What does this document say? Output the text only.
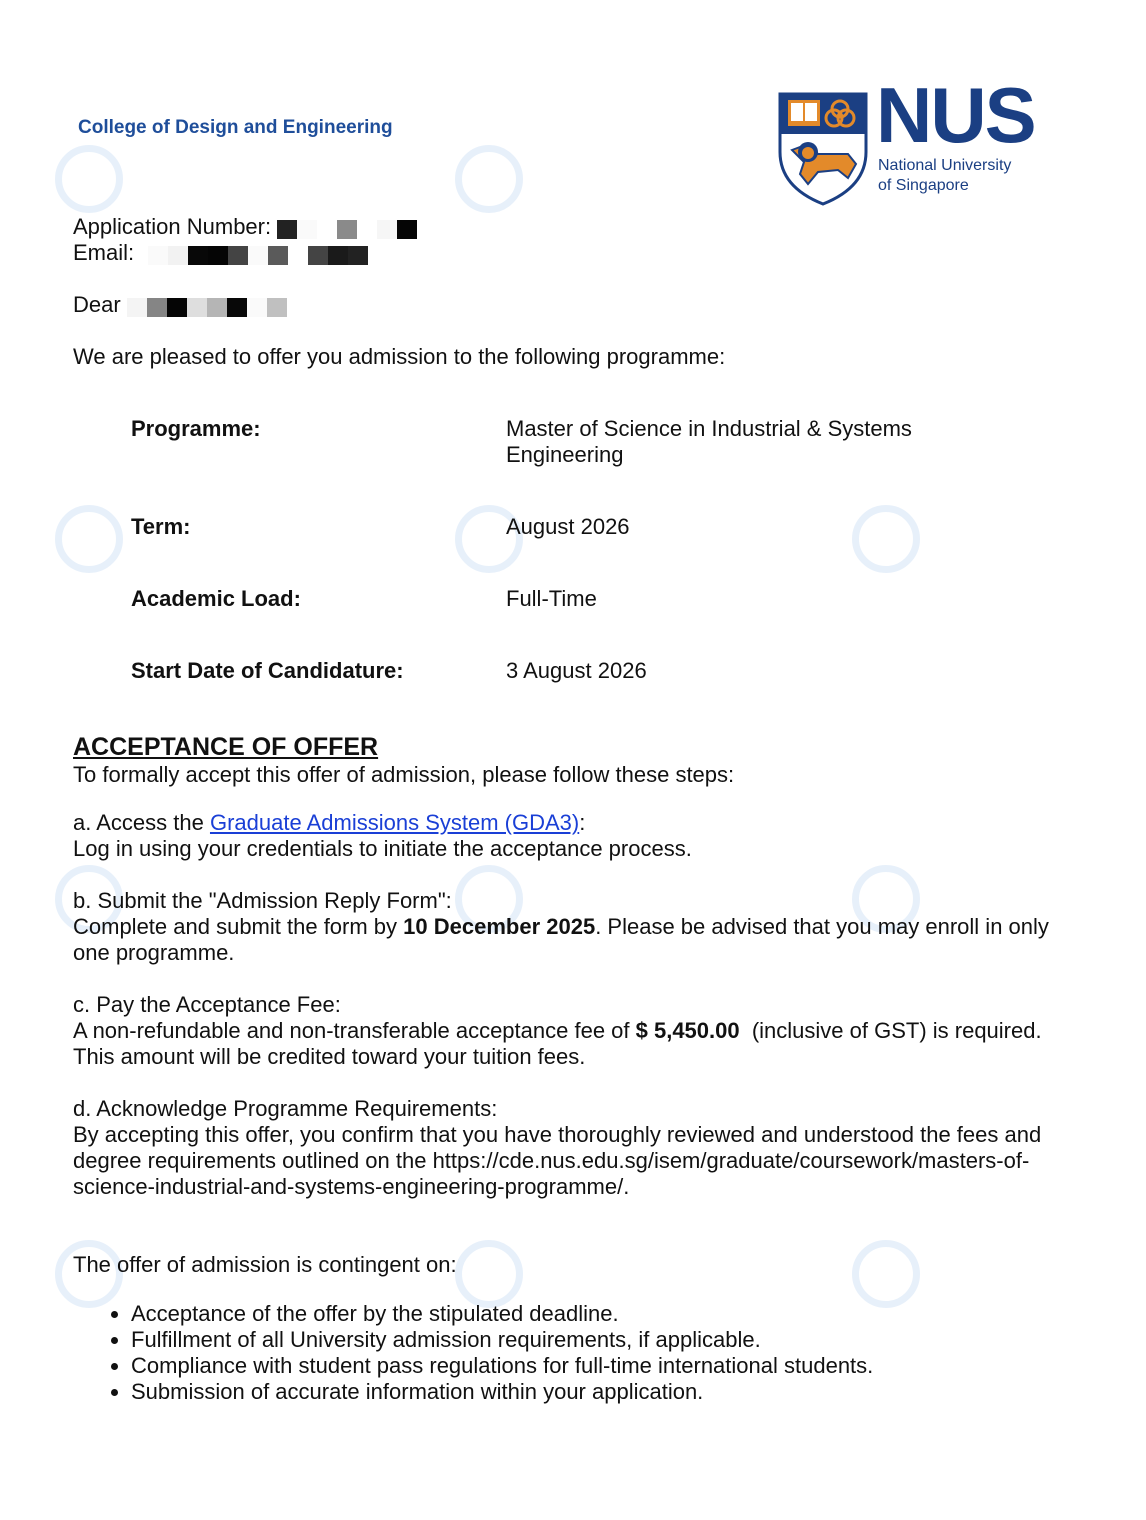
College of Design and Engineering	NUS
National University
of Singapore
Application Number:
Email:
Dear
We are pleased to offer you admission to the following programme:
Programme:	Master of Science in Industrial & Systems Engineering
Term:	August 2026
Academic Load:	Full-Time
Start Date of Candidature:	3 August 2026
ACCEPTANCE OF OFFER
To formally accept this offer of admission, please follow these steps:
a. Access the Graduate Admissions System (GDA3):
Log in using your credentials to initiate the acceptance process.
b. Submit the "Admission Reply Form":
Complete and submit the form by 10 December 2025. Please be advised that you may enroll in only one programme.
c. Pay the Acceptance Fee:
A non-refundable and non-transferable acceptance fee of $ 5,450.00  (inclusive of GST) is required. This amount will be credited toward your tuition fees.
d. Acknowledge Programme Requirements:
By accepting this offer, you confirm that you have thoroughly reviewed and understood the fees and degree requirements outlined on the https://cde.nus.edu.sg/isem/graduate/coursework/masters-of-science-industrial-and-systems-engineering-programme/.
The offer of admission is contingent on:
• Acceptance of the offer by the stipulated deadline.
• Fulfillment of all University admission requirements, if applicable.
• Compliance with student pass regulations for full-time international students.
• Submission of accurate information within your application.
